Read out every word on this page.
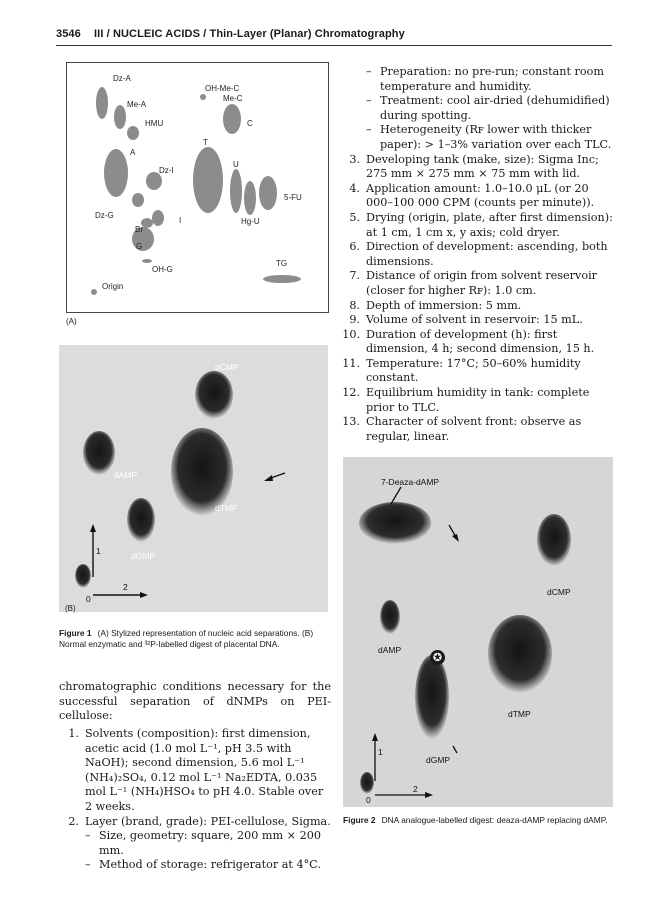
3546 III / NUCLEIC ACIDS / Thin-Layer (Planar) Chromatography
Dz-A
OH-Me-C
Me-C
Me-A
HMU	C
A
T
Dz-I
U
5-FU
Dz-G
I	Hg-U
Br
G
TG
OH-G
Origin
(A)
dCMP
dAMP
dTMP
dGMP
1
2
0
(B)
Figure 1 (A) Stylized representation of nucleic acid separations. (B) Normal enzymatic and ³²P-labelled digest of placental DNA.
chromatographic conditions necessary for the successful separation of dNMPs on PEI-cellulose:
1. Solvents (composition): first dimension, acetic acid (1.0 mol L⁻¹, pH 3.5 with NaOH); second dimension, 5.6 mol L⁻¹ (NH₄)₂SO₄, 0.12 mol L⁻¹ Na₂EDTA, 0.035 mol L⁻¹ (NH₄)HSO₄ to pH 4.0. Stable over 2 weeks.
2. Layer (brand, grade): PEI-cellulose, Sigma.
– Size, geometry: square, 200 mm × 200 mm.
– Method of storage: refrigerator at 4°C.
– Preparation: no pre-run; constant room temperature and humidity.
– Treatment: cool air-dried (dehumidified) during spotting.
– Heterogeneity (Rꜰ lower with thicker paper): > 1–3% variation over each TLC.
3. Developing tank (make, size): Sigma Inc; 275 mm × 275 mm × 75 mm with lid.
4. Application amount: 1.0–10.0 μL (or 20 000–100 000 CPM (counts per minute)).
5. Drying (origin, plate, after first dimension): at 1 cm, 1 cm x, y axis; cold dryer.
6. Direction of development: ascending, both dimensions.
7. Distance of origin from solvent reservoir (closer for higher Rꜰ): 1.0 cm.
8. Depth of immersion: 5 mm.
9. Volume of solvent in reservoir: 15 mL.
10. Duration of development (h): first dimension, 4 h; second dimension, 15 h.
11. Temperature: 17°C; 50–60% humidity constant.
12. Equilibrium humidity in tank: complete prior to TLC.
13. Character of solvent front: observe as regular, linear.
7-Deaza-dAMP
dCMP
dAMP
dTMP
dGMP
1
2
0
✪
Figure 2 DNA analogue-labelled digest: deaza-dAMP replacing dAMP.
